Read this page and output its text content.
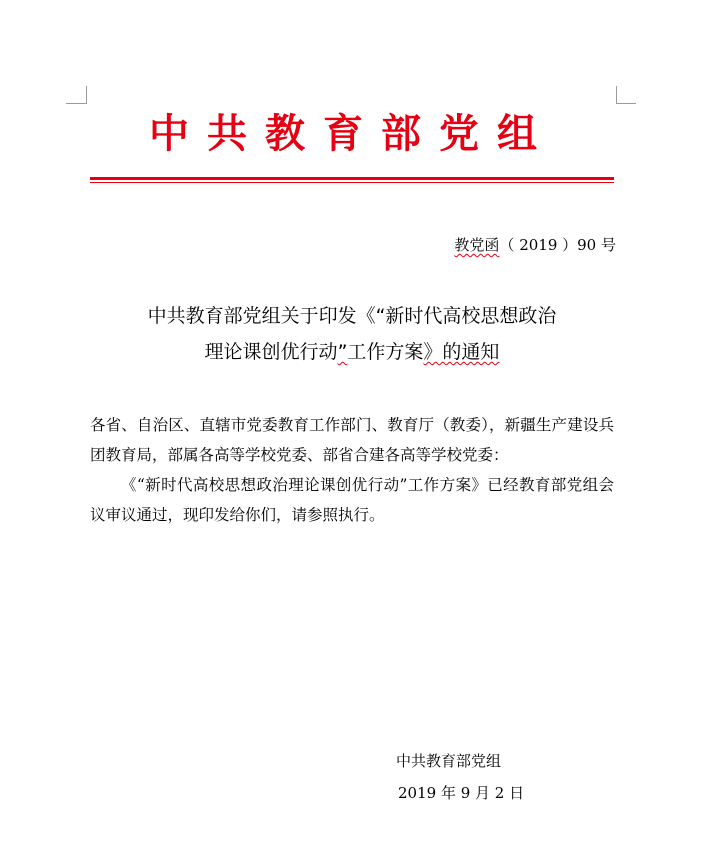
中共教育部党组
教党函（ 2019 ）90 号
中共教育部党组关于印发《“新时代高校思想政治
理论课创优行动”工作方案》的通知

各省、自治区、直辖市党委教育工作部门、教育厅（教委），新疆生产建设兵团教育局，部属各高等学校党委、部省合建各高等学校党委：

《“新时代高校思想政治理论课创优行动”工作方案》已经教育部党组会议审议通过，现印发给你们，请参照执行。

中共教育部党组
2019 年 9 月 2 日
